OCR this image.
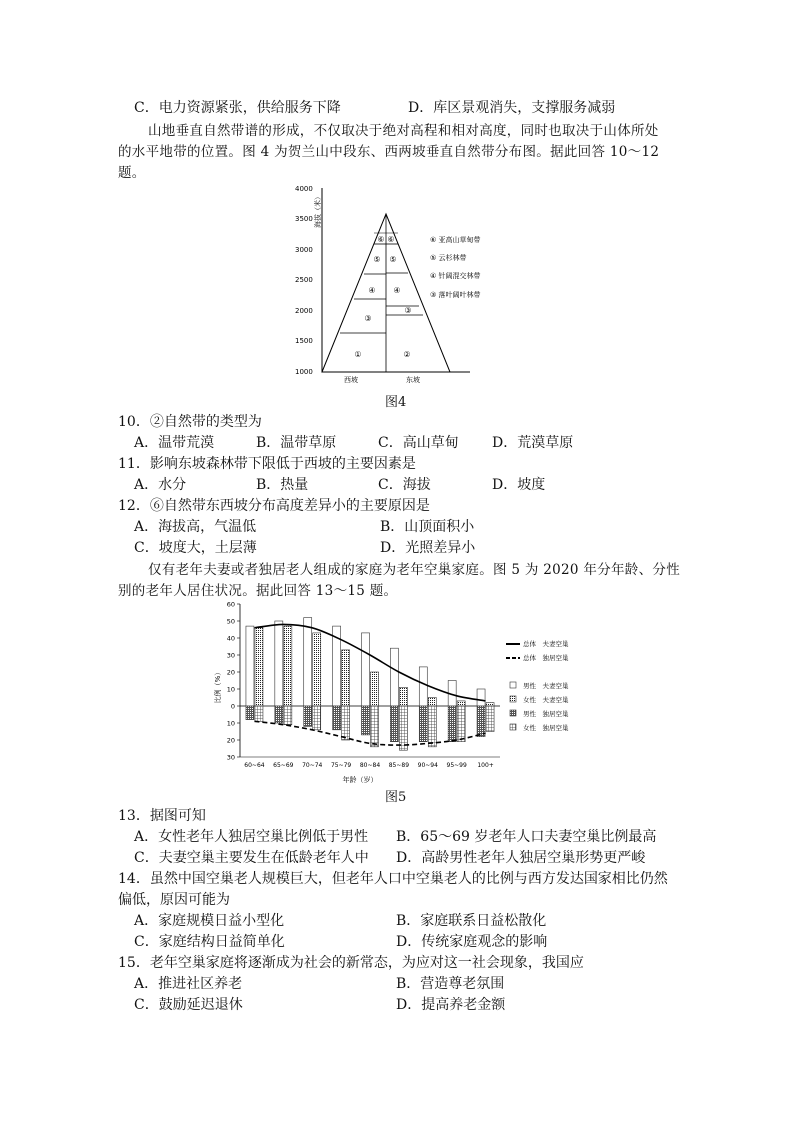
C．电力资源紧张，供给服务下降	D．库区景观消失，支撑服务减弱
山地垂直自然带谱的形成，不仅取决于绝对高程和相对高度，同时也取决于山体所处
的水平地带的位置。图 4 为贺兰山中段东、西两坡垂直自然带分布图。据此回答 10～12
题。
4000
3500
3000
2500
2000
1500
1000
海拔（米）
①	②
③
③
④ ④
⑤ ⑤
⑥ ⑥
西坡	东坡
⑥ 亚高山草甸带
⑤ 云杉林带
④ 针阔混交林带
③ 落叶阔叶林带
图4
10．②自然带的类型为
A．温带荒漠	B．温带草原	C．高山草甸 D．荒漠草原
11．影响东坡森林带下限低于西坡的主要因素是
A．水分	B．热量	C．海拔	D．坡度
12．⑥自然带东西坡分布高度差异小的主要原因是
A．海拔高，气温低	B．山顶面积小
C．坡度大，土层薄	D．光照差异小
仅有老年夫妻或者独居老人组成的家庭为老年空巢家庭。图 5 为 2020 年分年龄、分性
别的老年人居住状况。据此回答 13～15 题。
60
50
40
30
20
10
0
10
20
30
60~64 65~69 70~74 75~79 80~84 85~89 90~94 95~99 100+
比例（%）
年龄（岁）
总体　夫妻空巢
总体　独居空巢
男性　夫妻空巢
女性　夫妻空巢
男性　独居空巢
女性　独居空巢
图5
13．据图可知
A．女性老年人独居空巢比例低于男性 B．65～69 岁老年人口夫妻空巢比例最高
C．夫妻空巢主要发生在低龄老年人中 D．高龄男性老年人独居空巢形势更严峻
14．虽然中国空巢老人规模巨大，但老年人口中空巢老人的比例与西方发达国家相比仍然
偏低，原因可能为
A．家庭规模日益小型化	B．家庭联系日益松散化
C．家庭结构日益简单化	D．传统家庭观念的影响
15．老年空巢家庭将逐渐成为社会的新常态，为应对这一社会现象，我国应
A．推进社区养老	B．营造尊老氛围
C．鼓励延迟退休	D．提高养老金额
